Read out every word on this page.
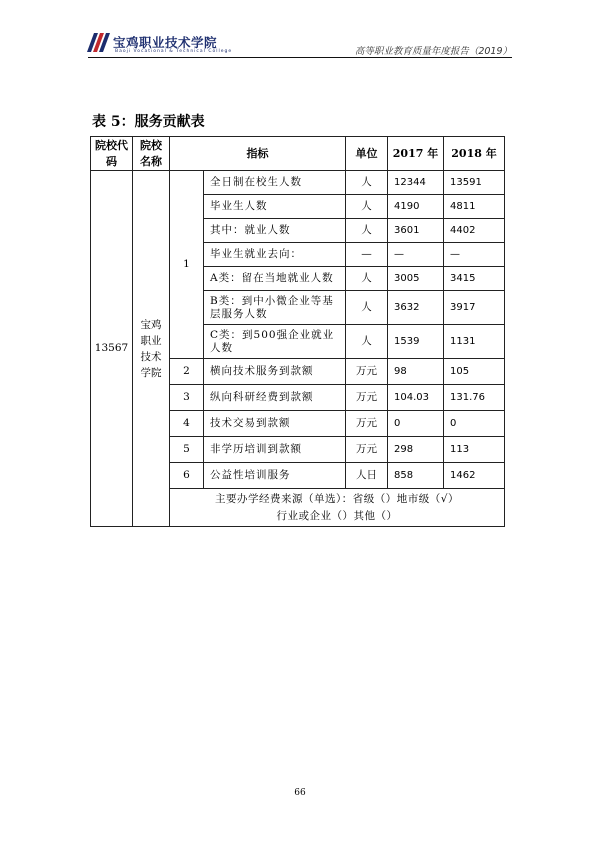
宝鸡职业技术学院
Baoji Vocational & Technical College	高等职业教育质量年度报告（2019）
表 5：服务贡献表
院校代码	院校名称	指标		单位	2017 年	2018 年
13567	宝鸡职业技术学院	1	全日制在校生人数	人	12344	13591
			毕业生人数	人	4190	4811
			其中：就业人数	人	3601	4402
			毕业生就业去向：	—	—	—
			A类：留在当地就业人数	人	3005	3415
			B类：到中小微企业等基层服务人数	人	3632	3917
			C类：到500强企业就业人数	人	1539	1131
		2	横向技术服务到款额	万元	98	105
		3	纵向科研经费到款额	万元	104.03	131.76
		4	技术交易到款额	万元	0	0
		5	非学历培训到款额	万元	298	113
		6	公益性培训服务	人日	858	1462

		主要办学经费来源（单选）：省级（）地市级（√）
行业或企业（）其他（）				
66
